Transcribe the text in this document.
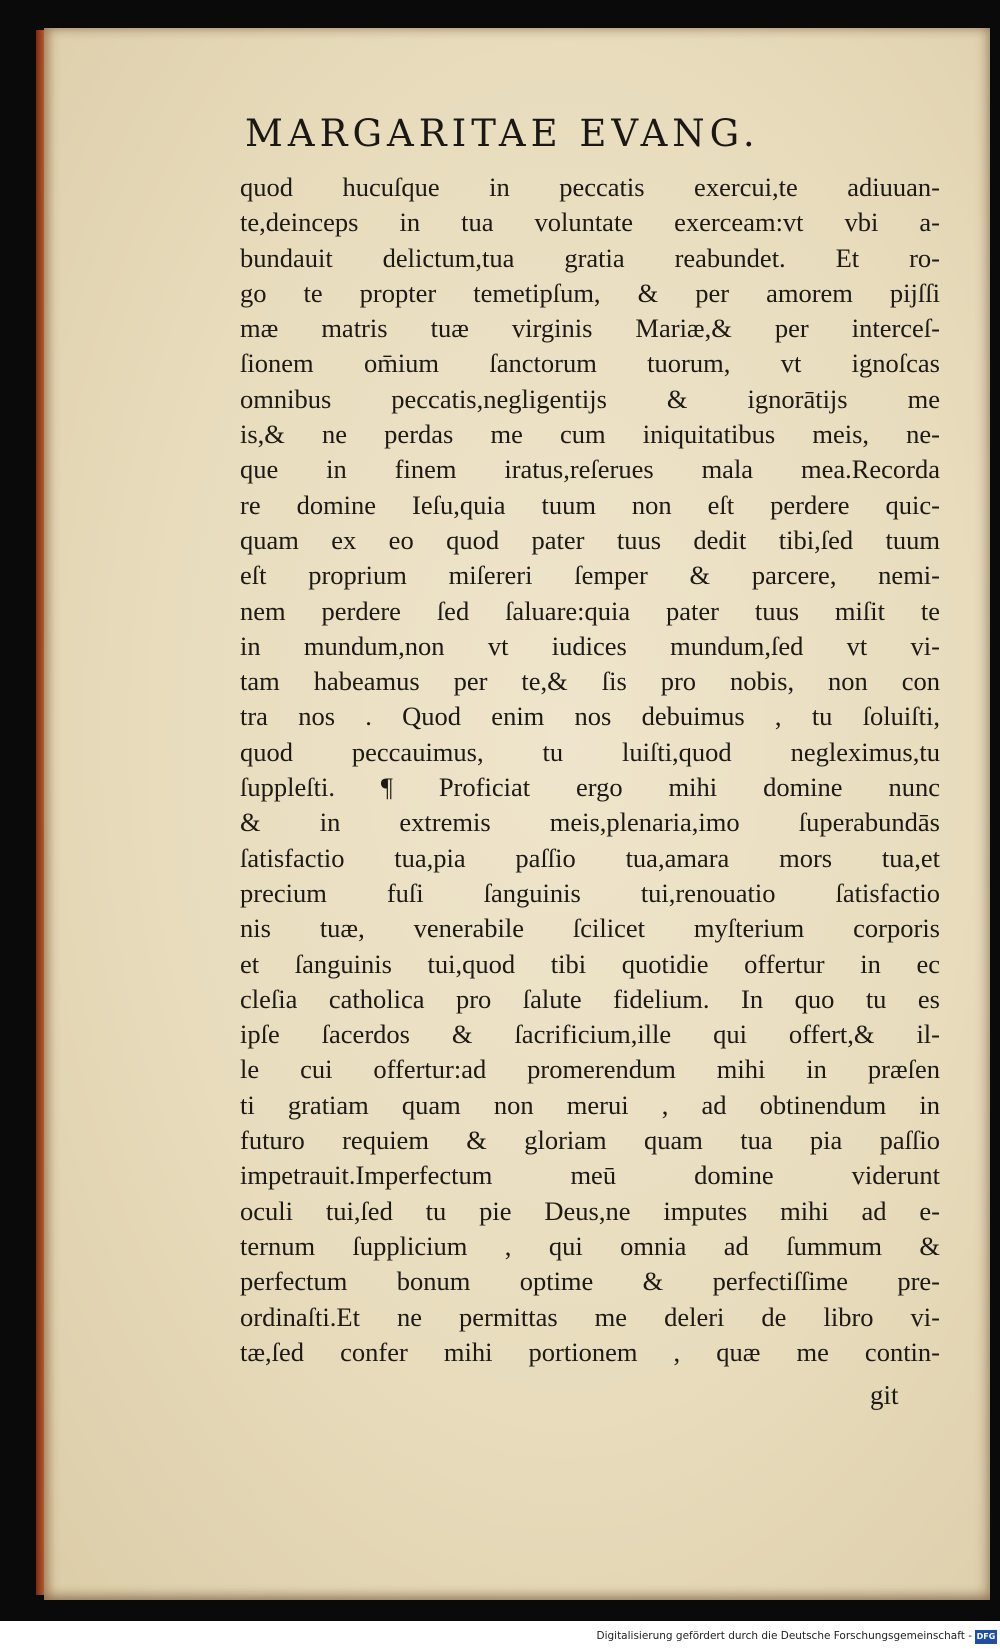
MARGARITAE EVANG.
quod hucuſque in peccatis exercui,te adiuuan-
te,deinceps in tua voluntate exerceam:vt vbi a-
bundauit delictum,tua gratia reabundet. Et ro-
go te propter temetipſum, & per amorem pijſſi
mæ matris tuæ virginis Mariæ,& per interceſ-
ſionem om̄ium ſanctorum tuorum, vt ignoſcas
omnibus peccatis,negligentijs & ignorātijs me
is,& ne perdas me cum iniquitatibus meis, ne-
que in finem iratus,reſerues mala mea.Recorda
re domine Ieſu,quia tuum non eſt perdere quic-
quam ex eo quod pater tuus dedit tibi,ſed tuum
eſt proprium miſereri ſemper & parcere, nemi-
nem perdere ſed ſaluare:quia pater tuus miſit te
in mundum,non vt iudices mundum,ſed vt vi-
tam habeamus per te,& ſis pro nobis, non con
tra nos . Quod enim nos debuimus , tu ſoluiſti,
quod peccauimus, tu luiſti,quod negleximus,tu
ſuppleſti. ¶ Proficiat ergo mihi domine nunc
& in extremis meis,plenaria,imo ſuperabundās
ſatisfactio tua,pia paſſio tua,amara mors tua,et
precium fuſi ſanguinis tui,renouatio ſatisfactio
nis tuæ, venerabile ſcilicet myſterium corporis
et ſanguinis tui,quod tibi quotidie offertur in ec
cleſia catholica pro ſalute fidelium. In quo tu es
ipſe ſacerdos & ſacrificium,ille qui offert,& il-
le cui offertur:ad promerendum mihi in præſen
ti gratiam quam non merui , ad obtinendum in
futuro requiem & gloriam quam tua pia paſſio
impetrauit.Imperfectum meū domine viderunt
oculi tui,ſed tu pie Deus,ne imputes mihi ad e-
ternum ſupplicium , qui omnia ad ſummum &
perfectum bonum optime & perfectiſſime pre-
ordinaſti.Et ne permittas me deleri de libro vi-
tæ,ſed confer mihi portionem , quæ me contin-
git
Digitalisierung gefördert durch die Deutsche Forschungsgemeinschaft - DFG
